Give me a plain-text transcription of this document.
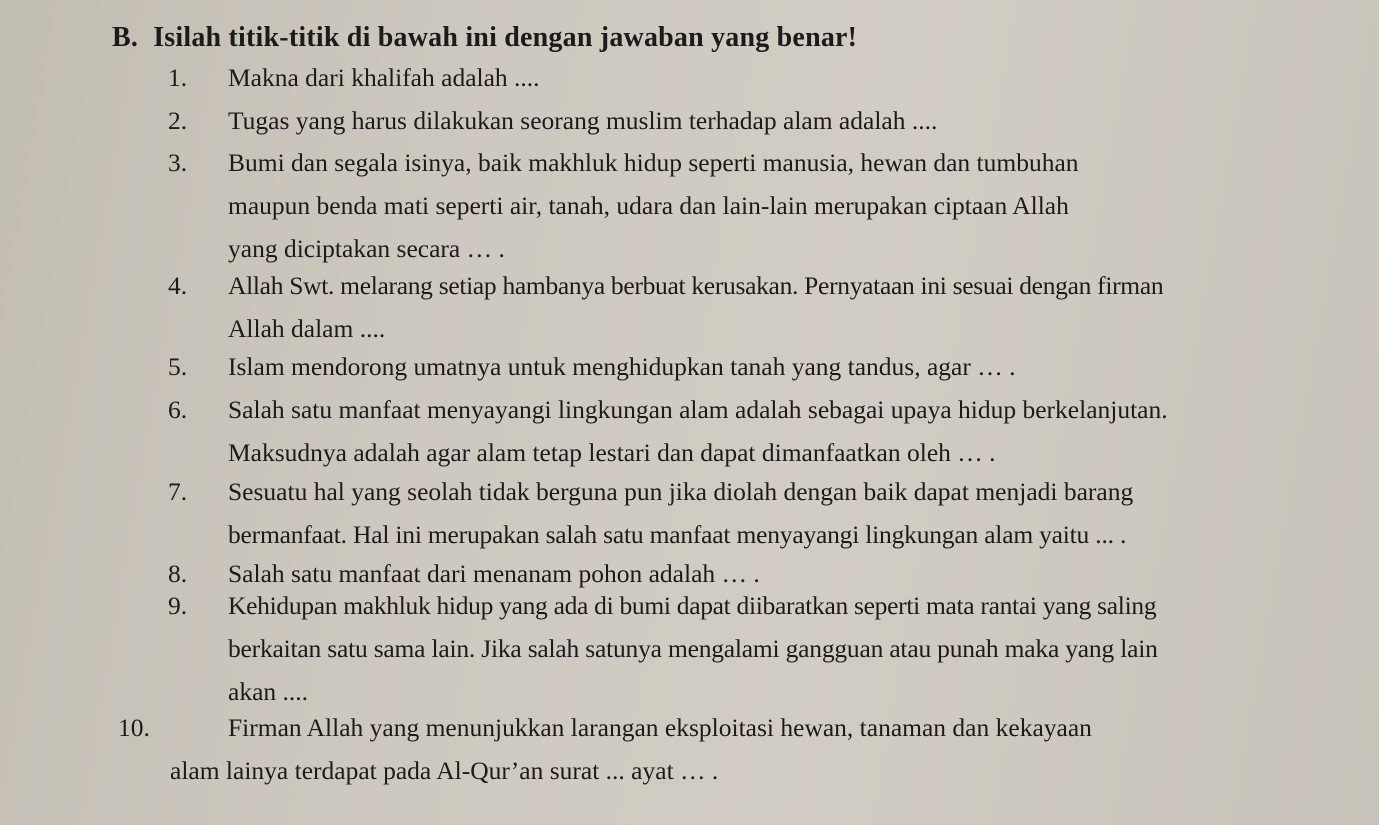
B. Isilah titik-titik di bawah ini dengan jawaban yang benar!
1.	Makna dari khalifah adalah ....
2.	Tugas yang harus dilakukan seorang muslim terhadap alam adalah ....
3.	Bumi dan segala isinya, baik makhluk hidup seperti manusia, hewan dan tumbuhan
maupun benda mati seperti air, tanah, udara dan lain-lain merupakan ciptaan Allah
yang diciptakan secara … .
4.	Allah Swt. melarang setiap hambanya berbuat kerusakan. Pernyataan ini sesuai dengan firman
Allah dalam ....
5.	Islam mendorong umatnya untuk menghidupkan tanah yang tandus, agar … .
6.	Salah satu manfaat menyayangi lingkungan alam adalah sebagai upaya hidup berkelanjutan.
Maksudnya adalah agar alam tetap lestari dan dapat dimanfaatkan oleh … .
7.	Sesuatu hal yang seolah tidak berguna pun jika diolah dengan baik dapat menjadi barang
bermanfaat. Hal ini merupakan salah satu manfaat menyayangi lingkungan alam yaitu ... .
8.	Salah satu manfaat dari menanam pohon adalah … .
9.	Kehidupan makhluk hidup yang ada di bumi dapat diibaratkan seperti mata rantai yang saling
berkaitan satu sama lain. Jika salah satunya mengalami gangguan atau punah maka yang lain
akan ....
10.	Firman Allah yang menunjukkan larangan eksploitasi hewan, tanaman dan kekayaan
alam lainya terdapat pada Al-Qur’an surat ... ayat … .
